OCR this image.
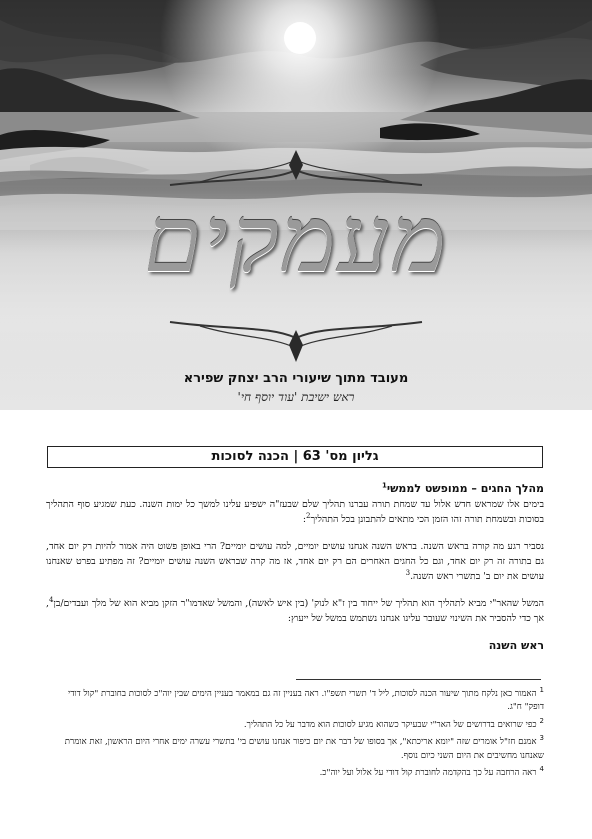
מעמקים
מעובד מתוך שיעורי הרב יצחק שפירא
ראש ישיבת 'עוד יוסף חי'
גליון מס' 63 | הכנה לסוכות

מהלך החגים – ממופשט לממשי$^1$

בימים אלו שמראש חדש אלול עד שמחת תורה עברנו תהליך שלם שבעז"ה ישפיע עלינו למשך כל ימות השנה. כעת שמגיע סוף התהליך בסוכות ובשמחת תורה זהו הזמן הכי מתאים להתבונן בכל התהליך$^2$:

נסביר רגע מה קורה בראש השנה. בראש השנה אנחנו עושים יומיים, למה עושים יומיים? הרי באופן פשוט היה אמור להיות רק יום אחד, גם בתורה זה רק יום אחד, וגם כל החגים האחרים הם רק יום אחד, אז מה קרה שבראש השנה עושים יומיים? זה מפתיע בפרט שאנחנו עושים את יום ב' בתשרי ראש השנה.$^3$

המשל שהאר"י מביא לתהליך הוא תהליך של ייחוד בין ז"א לנוק' (בין איש לאשה), והמשל שאדמו"ר הזקן מביא הוא של מלך ועבדים/בן$^4$, אך כדי להסביר את השינוי שעובר עלינו אנחנו נשתמש במשל של ייעוץ:

ראש השנה

$^1$האמור כאן נלקח מתוך שיעור הכנה לסוכות, ליל ד' תשרי תשפ"ו. ראה בעניין זה גם במאמר בעניין הימים שבין יוה"כ לסוכות בחוברת "קול דודי דופק" ח"ג.

$^2$כפי שרואים בדרושים של האר"י שבעיקר כשהוא מגיע לסוכות הוא מדבר על כל התהליך.

$^3$אמנם חז"ל אומרים שזה "יומא אריכתא", אך בסופו של דבר את יום כיפור אנחנו עושים בי' בתשרי עשרה ימים אחרי היום הראשון, זאת אומרת שאנחנו מחשיבים את היום השני כיום נוסף.

$^4$ראה הרחבה על כך בהקדמה לחוברת קול דודי על אלול ועל יוה"כ.
